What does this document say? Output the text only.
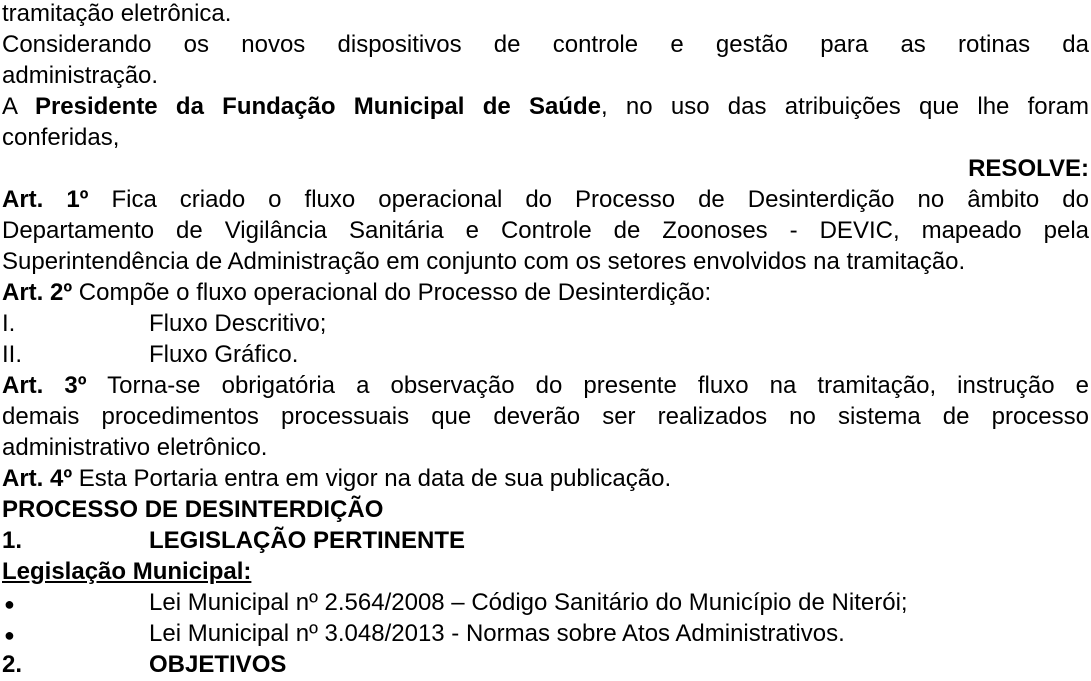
tramitação eletrônica.
Considerando os novos dispositivos de controle e gestão para as rotinas da
administração.
A Presidente da Fundação Municipal de Saúde, no uso das atribuições que lhe foram
conferidas,
RESOLVE:
Art. 1º Fica criado o fluxo operacional do Processo de Desinterdição no âmbito do
Departamento de Vigilância Sanitária e Controle de Zoonoses - DEVIC, mapeado pela
Superintendência de Administração em conjunto com os setores envolvidos na tramitação.
Art. 2º Compõe o fluxo operacional do Processo de Desinterdição:
I.	Fluxo Descritivo;
II.	Fluxo Gráfico.
Art. 3º Torna-se obrigatória a observação do presente fluxo na tramitação, instrução e
demais procedimentos processuais que deverão ser realizados no sistema de processo
administrativo eletrônico.
Art. 4º Esta Portaria entra em vigor na data de sua publicação.
PROCESSO DE DESINTERDIÇÃO
1.	LEGISLAÇÃO PERTINENTE
Legislação Municipal:
●	Lei Municipal nº 2.564/2008 – Código Sanitário do Município de Niterói;
●	Lei Municipal nº 3.048/2013 - Normas sobre Atos Administrativos.
2.	OBJETIVOS
